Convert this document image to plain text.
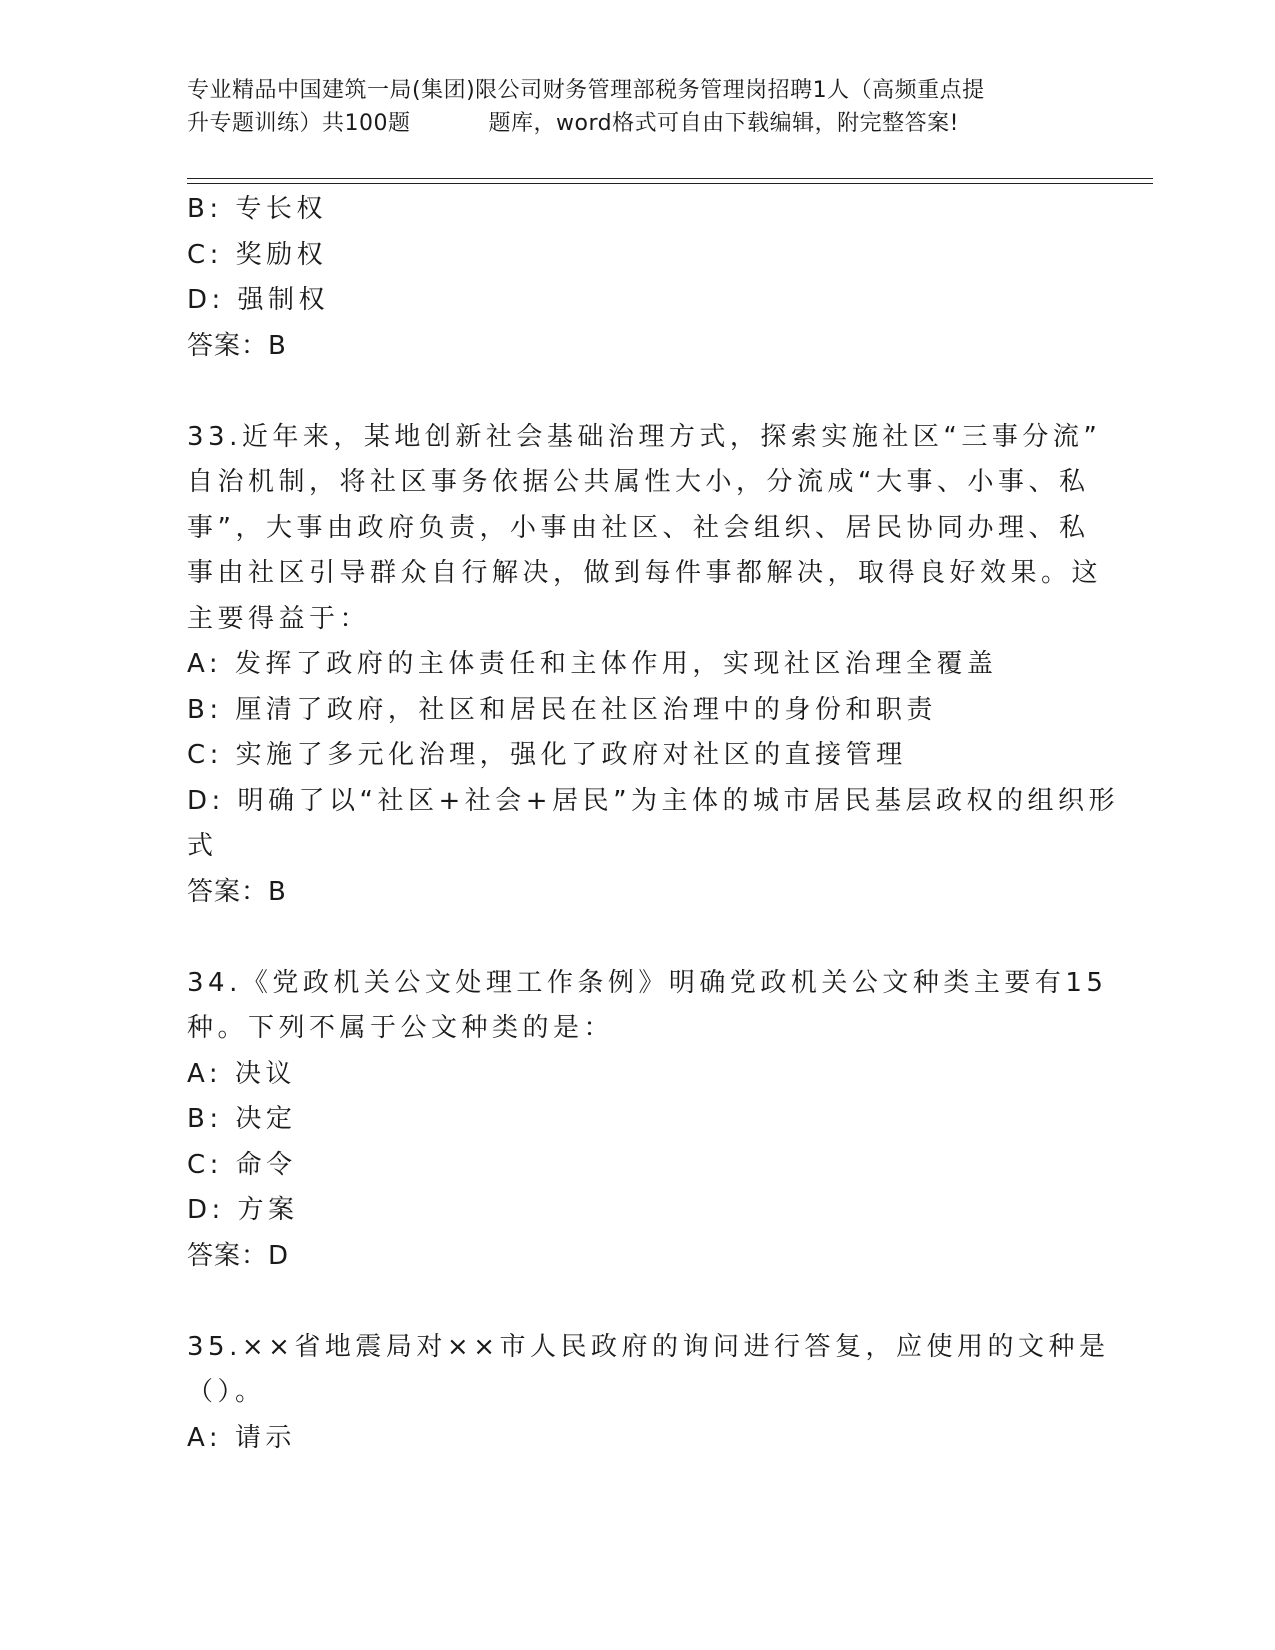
专业精品中国建筑一局(集团)限公司财务管理部税务管理岗招聘1人（高频重点提
升专题训练）共100题	题库，word格式可自由下载编辑，附完整答案!
B: 专长权
C: 奖励权
D: 强制权
答案：B
33.近年来，某地创新社会基础治理方式，探索实施社区“三事分流”
自治机制，将社区事务依据公共属性大小，分流成“大事、小事、私
事”，大事由政府负责，小事由社区、社会组织、居民协同办理、私
事由社区引导群众自行解决，做到每件事都解决，取得良好效果。这
主要得益于：
A: 发挥了政府的主体责任和主体作用，实现社区治理全覆盖
B: 厘清了政府，社区和居民在社区治理中的身份和职责
C: 实施了多元化治理，强化了政府对社区的直接管理
D: 明确了以“社区+社会+居民”为主体的城市居民基层政权的组织形
式
答案：B
34.《党政机关公文处理工作条例》明确党政机关公文种类主要有15
种。下列不属于公文种类的是：
A: 决议
B: 决定
C: 命令
D: 方案
答案：D
35.××省地震局对××市人民政府的询问进行答复，应使用的文种是
（）。
A: 请示
